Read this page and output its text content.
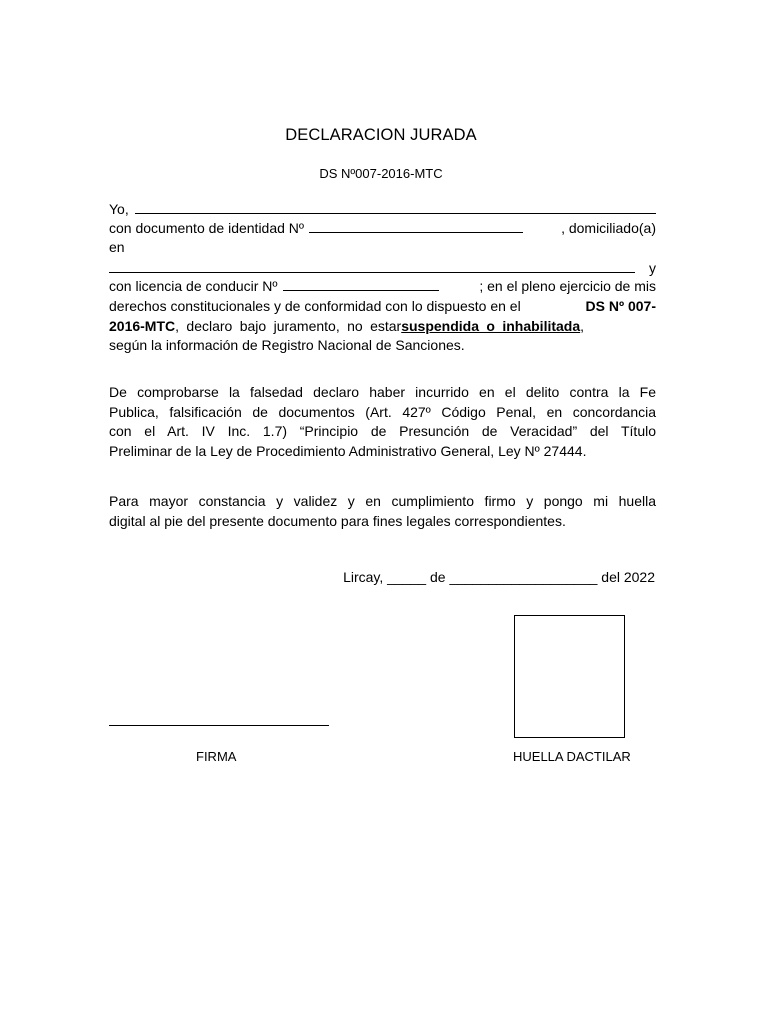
DECLARACION JURADA
DS Nº007-2016-MTC
Yo,
con documento de identidad Nº	, domiciliado(a)
en
y
con licencia de conducir Nº	; en el pleno ejercicio de mis
derechos constitucionales y de conformidad con lo dispuesto en el	DS Nº 007-
2016-MTC , declaro bajo juramento, no estar suspendida o inhabilitada ,
según la información de Registro Nacional de Sanciones.
De comprobarse la falsedad declaro haber incurrido en el delito contra la Fe
Publica, falsificación de documentos (Art. 427º Código Penal, en concordancia
con el Art. IV Inc. 1.7) “Principio de Presunción de Veracidad” del Título
Preliminar de la Ley de Procedimiento Administrativo General, Ley Nº 27444.
Para mayor constancia y validez y en cumplimiento firmo y pongo mi huella
digital al pie del presente documento para fines legales correspondientes.
Lircay, _____ de ___________________ del 2022
FIRMA	HUELLA DACTILAR
